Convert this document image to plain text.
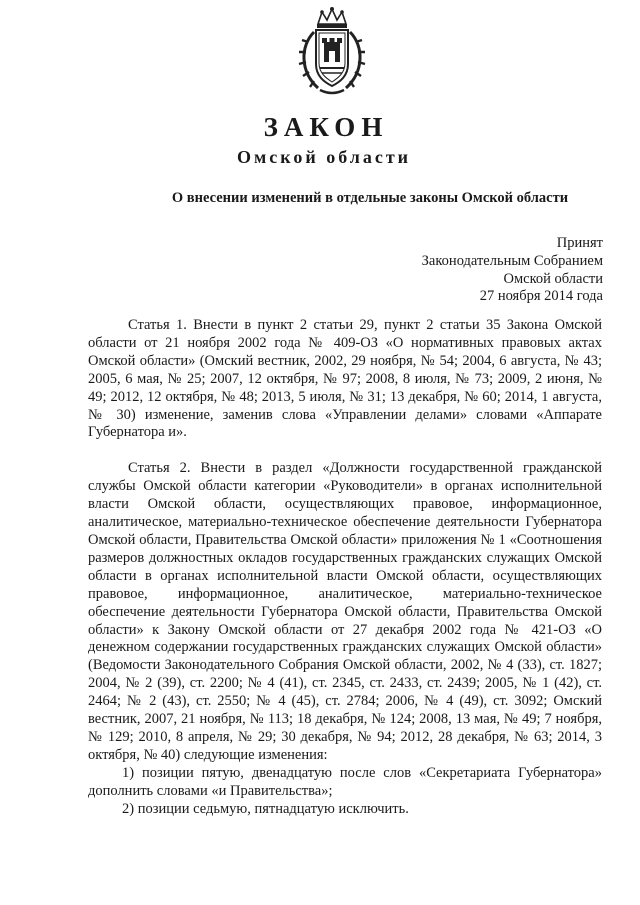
ЗАКОН
Омской области
О внесении изменений в отдельные законы Омской области
Принят
Законодательным Собранием
Омской области
27 ноября 2014 года

Статья 1. Внести в пункт 2 статьи 29, пункт 2 статьи 35 Закона Омской области от 21 ноября 2002 года № 409-ОЗ «О нормативных правовых актах Омской области» (Омский вестник, 2002, 29 ноября, № 54; 2004, 6 августа, № 43; 2005, 6 мая, № 25; 2007, 12 октября, № 97; 2008, 8 июля, № 73; 2009, 2 июня, № 49; 2012, 12 октября, № 48; 2013, 5 июля, № 31; 13 декабря, № 60; 2014, 1 августа, № 30) изменение, заменив слова «Управлении делами» словами «Аппарате Губернатора и».

Статья 2. Внести в раздел «Должности государственной гражданской службы Омской области категории «Руководители» в органах исполнительной власти Омской области, осуществляющих правовое, информационное, аналитическое, материально-техническое обеспечение деятельности Губернатора Омской области, Правительства Омской области» приложения № 1 «Соотношения размеров должностных окладов государственных гражданских служащих Омской области в органах исполнительной власти Омской области, осуществляющих правовое, информационное, аналитическое, материально-техническое обеспечение деятельности Губернатора Омской области, Правительства Омской области» к Закону Омской области от 27 декабря 2002 года № 421-ОЗ «О денежном содержании государственных гражданских служащих Омской области» (Ведомости Законодательного Собрания Омской области, 2002, № 4 (33), ст. 1827; 2004, № 2 (39), ст. 2200; № 4 (41), ст. 2345, ст. 2433, ст. 2439; 2005, № 1 (42), ст. 2464; № 2 (43), ст. 2550; № 4 (45), ст. 2784; 2006, № 4 (49), ст. 3092; Омский вестник, 2007, 21 ноября, № 113; 18 декабря, № 124; 2008, 13 мая, № 49; 7 ноября, № 129; 2010, 8 апреля, № 29; 30 декабря, № 94; 2012, 28 декабря, № 63; 2014, 3 октября, № 40) следующие изменения:

1) позиции пятую, двенадцатую после слов «Секретариата Губернатора» дополнить словами «и Правительства»;

2) позиции седьмую, пятнадцатую исключить.
